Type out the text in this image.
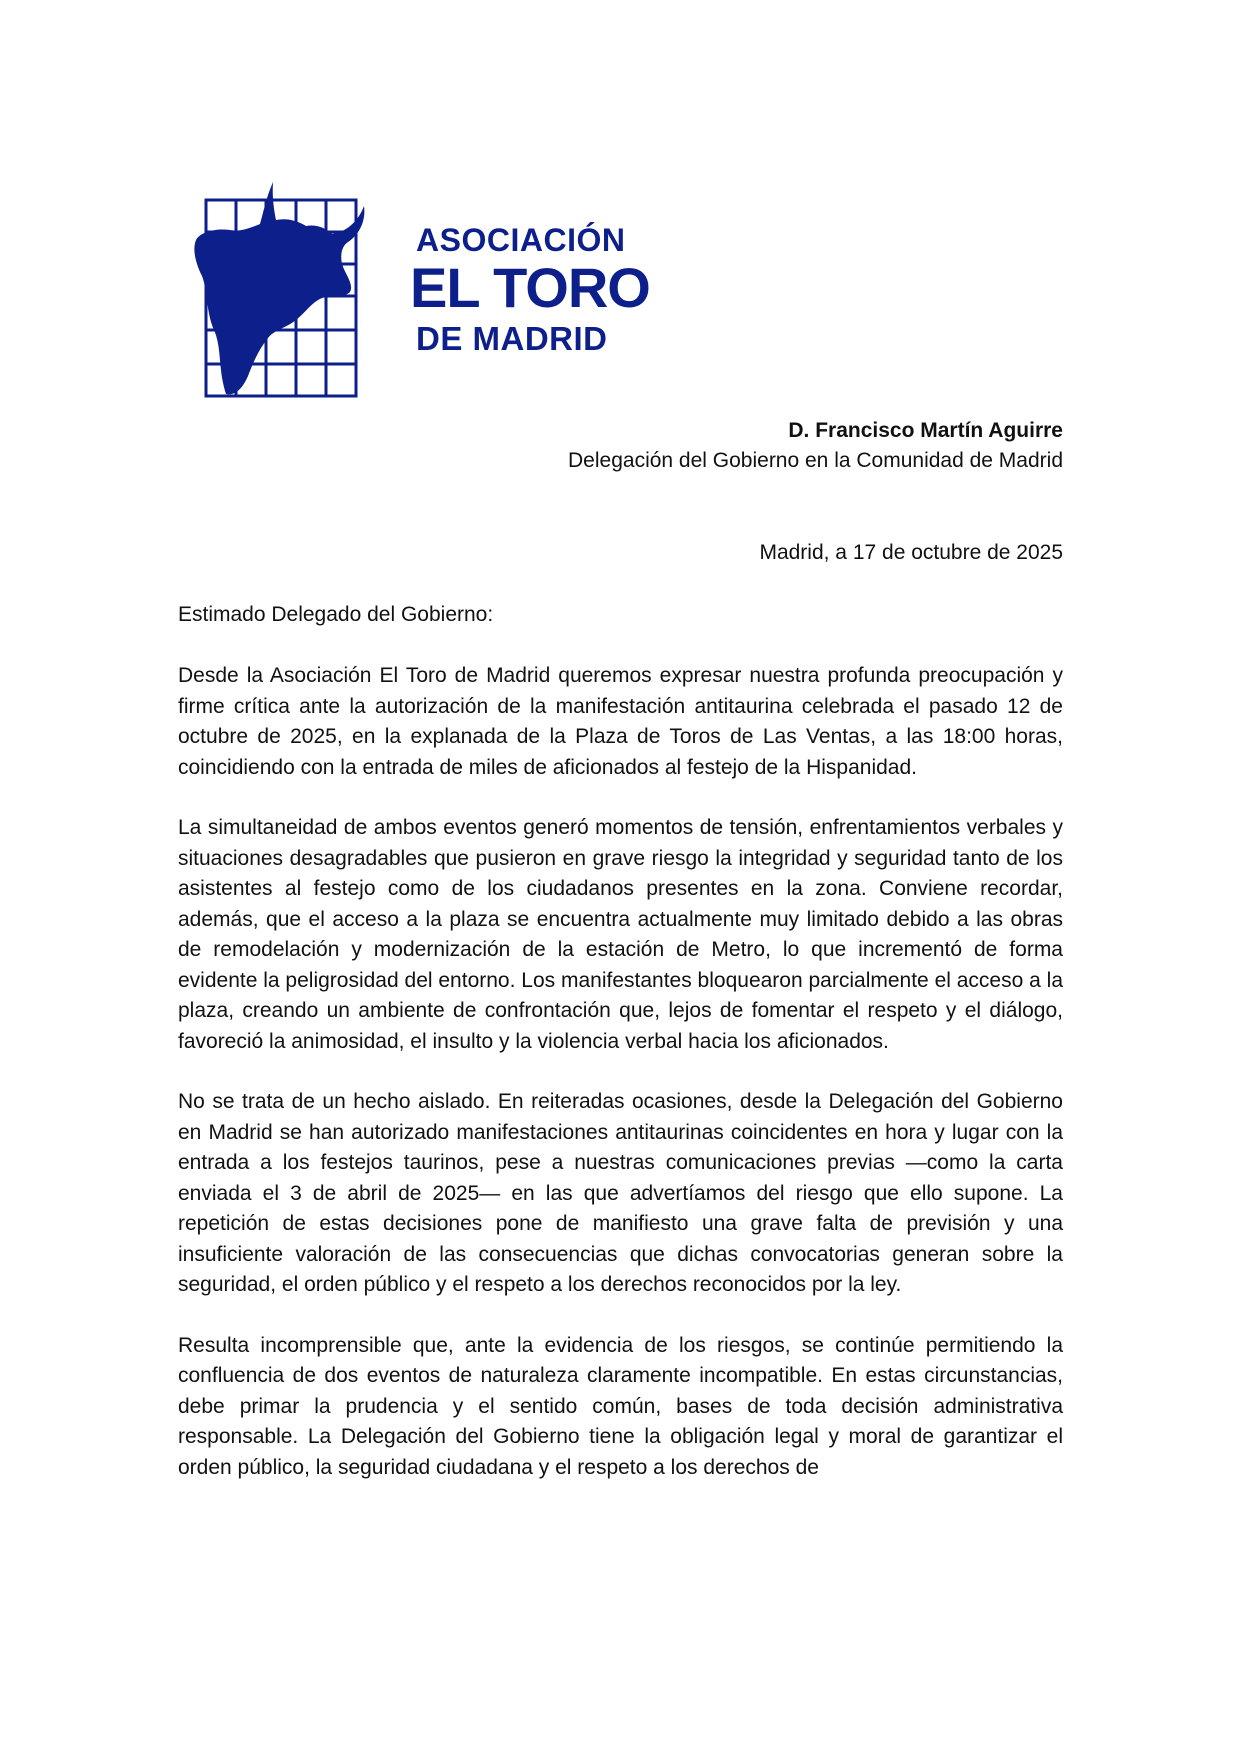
ASOCIACIÓN
EL TORO
DE MADRID
D. Francisco Martín Aguirre
Delegación del Gobierno en la Comunidad de Madrid
Madrid, a 17 de octubre de 2025
Estimado Delegado del Gobierno:

Desde la Asociación El Toro de Madrid queremos expresar nuestra profunda preocupación y firme crítica ante la autorización de la manifestación antitaurina celebrada el pasado 12 de octubre de 2025, en la explanada de la Plaza de Toros de Las Ventas, a las 18:00 horas, coincidiendo con la entrada de miles de aficionados al festejo de la Hispanidad.

La simultaneidad de ambos eventos generó momentos de tensión, enfrentamientos verbales y situaciones desagradables que pusieron en grave riesgo la integridad y seguridad tanto de los asistentes al festejo como de los ciudadanos presentes en la zona. Conviene recordar, además, que el acceso a la plaza se encuentra actualmente muy limitado debido a las obras de remodelación y modernización de la estación de Metro, lo que incrementó de forma evidente la peligrosidad del entorno. Los manifestantes bloquearon parcialmente el acceso a la plaza, creando un ambiente de confrontación que, lejos de fomentar el respeto y el diálogo, favoreció la animosidad, el insulto y la violencia verbal hacia los aficionados.

No se trata de un hecho aislado. En reiteradas ocasiones, desde la Delegación del Gobierno en Madrid se han autorizado manifestaciones antitaurinas coincidentes en hora y lugar con la entrada a los festejos taurinos, pese a nuestras comunicaciones previas —como la carta enviada el 3 de abril de 2025— en las que advertíamos del riesgo que ello supone. La repetición de estas decisiones pone de manifiesto una grave falta de previsión y una insuficiente valoración de las consecuencias que dichas convocatorias generan sobre la seguridad, el orden público y el respeto a los derechos reconocidos por la ley.

Resulta incomprensible que, ante la evidencia de los riesgos, se continúe permitiendo la confluencia de dos eventos de naturaleza claramente incompatible. En estas circunstancias, debe primar la prudencia y el sentido común, bases de toda decisión administrativa responsable. La Delegación del Gobierno tiene la obligación legal y moral de garantizar el orden público, la seguridad ciudadana y el respeto a los derechos de
